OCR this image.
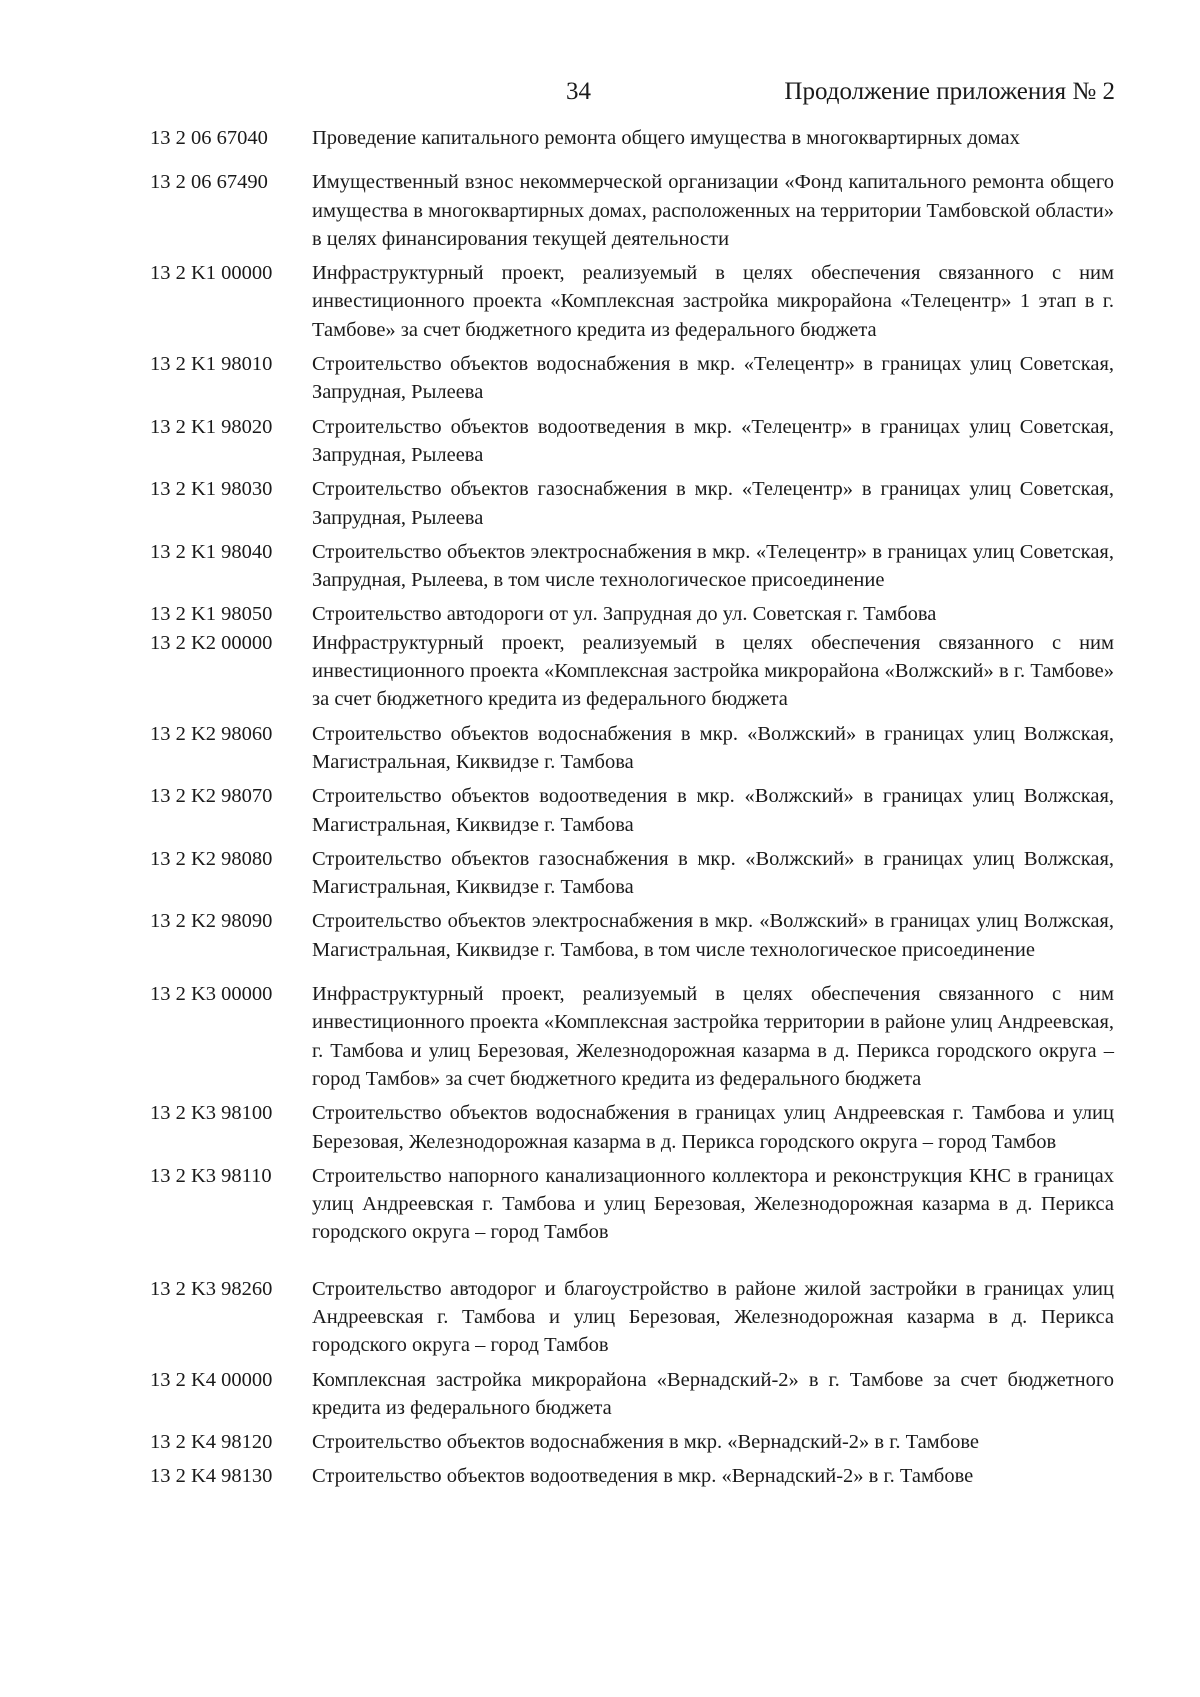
34	Продолжение приложения № 2
13 2 06 67040	Проведение капитального ремонта общего имущества в многоквартирных домах
13 2 06 67490	Имущественный взнос некоммерческой организации «Фонд капитального ремонта общего имущества в многоквартирных домах, расположенных на территории Тамбовской области» в целях финансирования текущей деятельности
13 2 K1 00000	Инфраструктурный проект, реализуемый в целях обеспечения связанного с ним инвестиционного проекта «Комплексная застройка микрорайона «Телецентр» 1 этап в г. Тамбове» за счет бюджетного кредита из федерального бюджета
13 2 K1 98010	Строительство объектов водоснабжения в мкр. «Телецентр» в границах улиц Советская, Запрудная, Рылеева
13 2 K1 98020	Строительство объектов водоотведения в мкр. «Телецентр» в границах улиц Советская, Запрудная, Рылеева
13 2 K1 98030	Строительство объектов газоснабжения в мкр. «Телецентр» в границах улиц Советская, Запрудная, Рылеева
13 2 K1 98040	Строительство объектов электроснабжения в мкр. «Телецентр» в границах улиц Советская, Запрудная, Рылеева, в том числе технологическое присоединение
13 2 K1 98050	Строительство автодороги от ул. Запрудная до ул. Советская г. Тамбова
13 2 K2 00000	Инфраструктурный проект, реализуемый в целях обеспечения связанного с ним инвестиционного проекта «Комплексная застройка микрорайона «Волжский» в г. Тамбове» за счет бюджетного кредита из федерального бюджета
13 2 K2 98060	Строительство объектов водоснабжения в мкр. «Волжский» в границах улиц Волжская, Магистральная, Киквидзе г. Тамбова
13 2 K2 98070	Строительство объектов водоотведения в мкр. «Волжский» в границах улиц Волжская, Магистральная, Киквидзе г. Тамбова
13 2 K2 98080	Строительство объектов газоснабжения в мкр. «Волжский» в границах улиц Волжская, Магистральная, Киквидзе г. Тамбова
13 2 K2 98090	Строительство объектов электроснабжения в мкр. «Волжский» в границах улиц Волжская, Магистральная, Киквидзе г. Тамбова, в том числе технологическое присоединение
13 2 K3 00000	Инфраструктурный проект, реализуемый в целях обеспечения связанного с ним инвестиционного проекта «Комплексная застройка территории в районе улиц Андреевская, г. Тамбова и улиц Березовая, Железнодорожная казарма в д. Перикса городского округа – город Тамбов» за счет бюджетного кредита из федерального бюджета
13 2 K3 98100	Строительство объектов водоснабжения в границах улиц Андреевская г. Тамбова и улиц Березовая, Железнодорожная казарма в д. Перикса городского округа – город Тамбов
13 2 K3 98110	Строительство напорного канализационного коллектора и реконструкция КНС в границах улиц Андреевская г. Тамбова и улиц Березовая, Железнодорожная казарма в д. Перикса городского округа – город Тамбов
13 2 K3 98260	Строительство автодорог и благоустройство в районе жилой застройки в границах улиц Андреевская г. Тамбова и улиц Березовая, Железнодорожная казарма в д. Перикса городского округа – город Тамбов
13 2 K4 00000	Комплексная застройка микрорайона «Вернадский-2» в г. Тамбове за счет бюджетного кредита из федерального бюджета
13 2 K4 98120	Строительство объектов водоснабжения в мкр. «Вернадский-2» в г. Тамбове
13 2 K4 98130	Строительство объектов водоотведения в мкр. «Вернадский-2» в г. Тамбове
